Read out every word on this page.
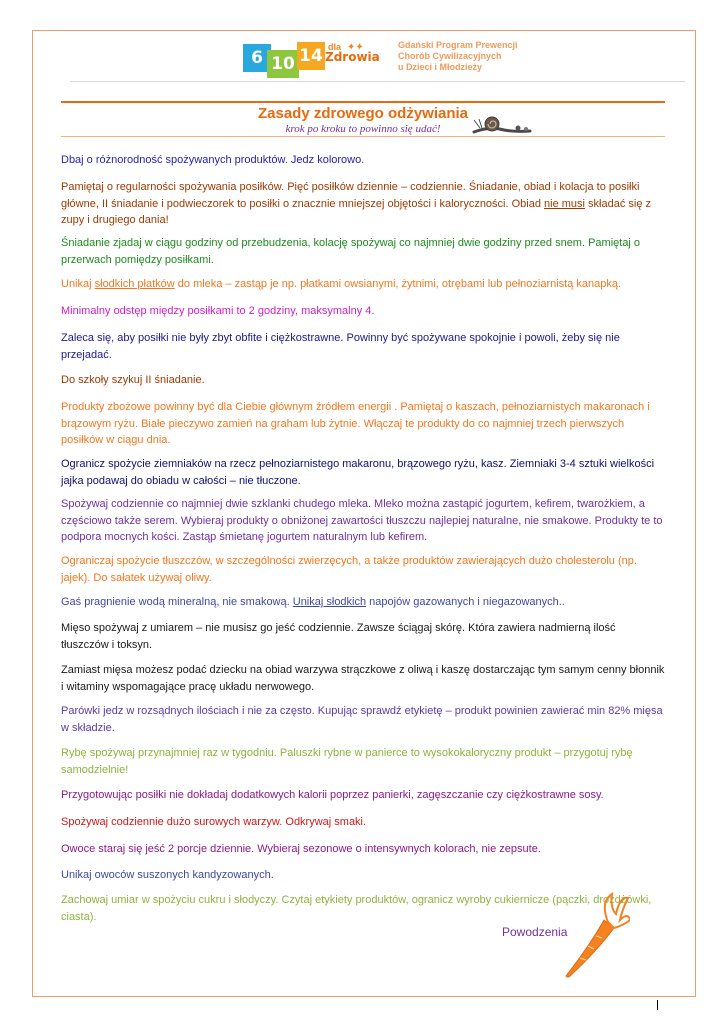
6 10 14 dla
Zdrowia
✦✦	Gdański Program Prewencji
Chorób Cywilizacyjnych
u Dzieci i Młodzieży
Zasady zdrowego odżywiania
krok po kroku to powinno się udać!

Dbaj o różnorodność spożywanych produktów. Jedz kolorowo.

Pamiętaj o regularności spożywania posiłków. Pięć posiłków dziennie – codziennie. Śniadanie, obiad i kolacja to posiłki główne, II śniadanie i podwieczorek to posiłki o znacznie mniejszej objętości i kaloryczności. Obiad nie musi składać się z zupy i drugiego dania!

Śniadanie zjadaj w ciągu godziny od przebudzenia, kolację spożywaj co najmniej dwie godziny przed snem. Pamiętaj o przerwach pomiędzy posiłkami.

Unikaj słodkich płatków do mleka – zastąp je np. płatkami owsianymi, żytnimi, otrębami lub pełnoziarnistą kanapką.

Minimalny odstęp między posiłkami to 2 godziny, maksymalny 4.

Zaleca się, aby posiłki nie były zbyt obfite i ciężkostrawne. Powinny być spożywane spokojnie i powoli, żeby się nie przejadać.

Do szkoły szykuj II śniadanie.

Produkty zbożowe powinny być dla Ciebie głównym źródłem energii . Pamiętaj o kaszach, pełnoziarnistych makaronach i brązowym ryżu. Białe pieczywo zamień na graham lub żytnie. Włączaj te produkty do co najmniej trzech pierwszych posiłków w ciągu dnia.

Ogranicz spożycie ziemniaków na rzecz pełnoziarnistego makaronu, brązowego ryżu, kasz. Ziemniaki 3-4 sztuki wielkości jajka podawaj do obiadu w całości – nie tłuczone.

Spożywaj codziennie co najmniej dwie szklanki chudego mleka. Mleko można zastąpić jogurtem, kefirem, twarożkiem, a częściowo także serem. Wybieraj produkty o obniżonej zawartości tłuszczu najlepiej naturalne, nie smakowe. Produkty te to podpora mocnych kości. Zastąp śmietanę jogurtem naturalnym lub kefirem.

Ograniczaj spożycie tłuszczów, w szczególności zwierzęcych, a także produktów zawierających dużo cholesterolu (np. jajek). Do sałatek używaj oliwy.

Gaś pragnienie wodą mineralną, nie smakową. Unikaj słodkich napojów gazowanych i niegazowanych..

Mięso spożywaj z umiarem – nie musisz go jeść codziennie. Zawsze ściągaj skórę. Która zawiera nadmierną ilość tłuszczów i toksyn.

Zamiast mięsa możesz podać dziecku na obiad warzywa strączkowe z oliwą i kaszę dostarczając tym samym cenny błonnik i witaminy wspomagające pracę układu nerwowego.

Parówki jedz w rozsądnych ilościach i nie za często. Kupując sprawdź etykietę – produkt powinien zawierać min 82% mięsa w składzie.

Rybę spożywaj przynajmniej raz w tygodniu. Paluszki rybne w panierce to wysokokaloryczny produkt – przygotuj rybę samodzielnie!

Przygotowując posiłki nie dokładaj dodatkowych kalorii poprzez panierki, zagęszczanie czy ciężkostrawne sosy.

Spożywaj codziennie dużo surowych warzyw. Odkrywaj smaki.

Owoce staraj się jeść 2 porcje dziennie. Wybieraj sezonowe o intensywnych kolorach, nie zepsute.

Unikaj owoców suszonych kandyzowanych.

Zachowaj umiar w spożyciu cukru i słodyczy. Czytaj etykiety produktów, ogranicz wyroby cukiernicze (pączki, drożdżówki, ciasta).

Powodzenia
